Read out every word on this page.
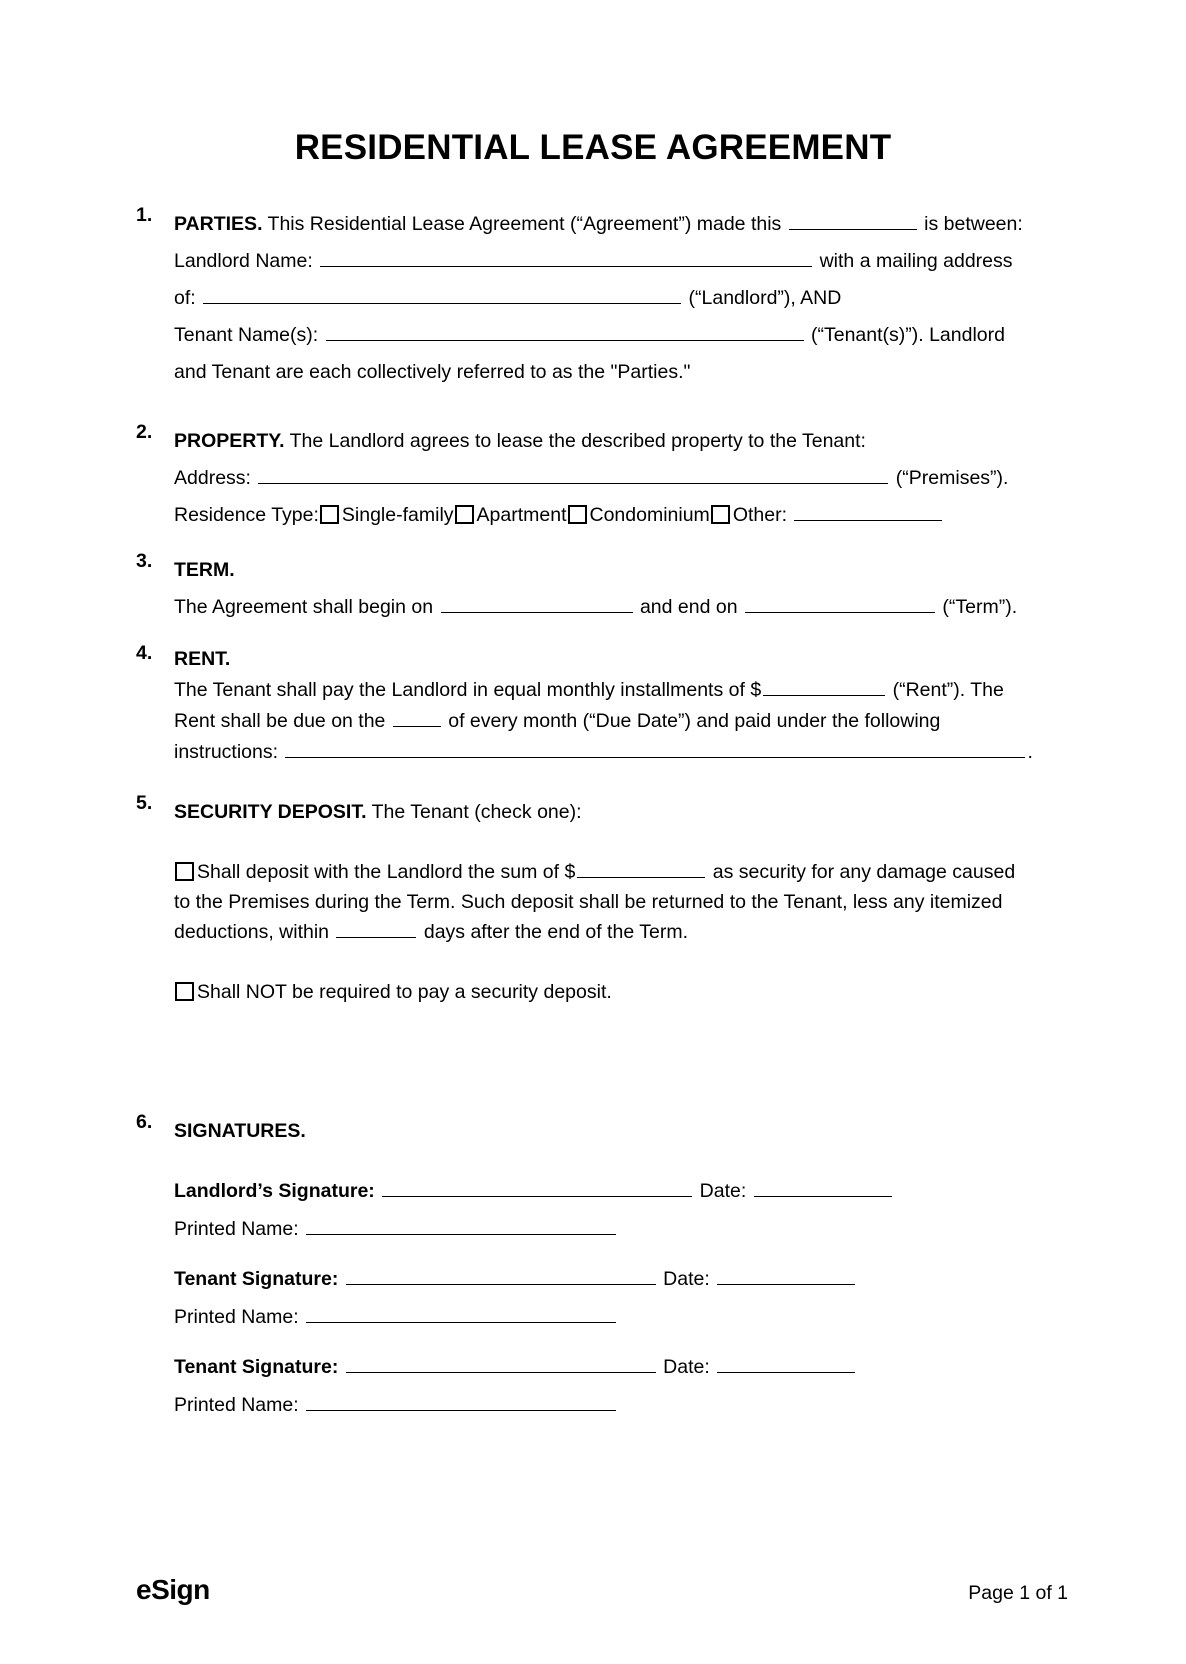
RESIDENTIAL LEASE AGREEMENT
1.	PARTIES. This Residential Lease Agreement (“Agreement”) made this	is between:

Landlord Name:	with a mailing address

of:	(“Landlord”), AND

Tenant Name(s):	(“Tenant(s)”). Landlord

and Tenant are each collectively referred to as the "Parties."

2.	PROPERTY. The Landlord agrees to lease the described property to the Tenant:

Address:	(“Premises”).

Residence Type: Single-family Apartment Condominium Other:

3.	TERM.

The Agreement shall begin on	and end on	(“Term”).

4.	RENT.

The Tenant shall pay the Landlord in equal monthly installments of $	(“Rent”). The

Rent shall be due on the	of every month (“Due Date”) and paid under the following

instructions:	.

5.	SECURITY DEPOSIT. The Tenant (check one):

Shall deposit with the Landlord the sum of $	as security for any damage caused

to the Premises during the Term. Such deposit shall be returned to the Tenant, less any itemized

deductions, within	days after the end of the Term.

Shall NOT be required to pay a security deposit.

6.	SIGNATURES.

Landlord’s Signature:	Date:

Printed Name:

Tenant Signature:	Date:

Printed Name:

Tenant Signature:	Date:

Printed Name:

eSign	Page 1 of 1
